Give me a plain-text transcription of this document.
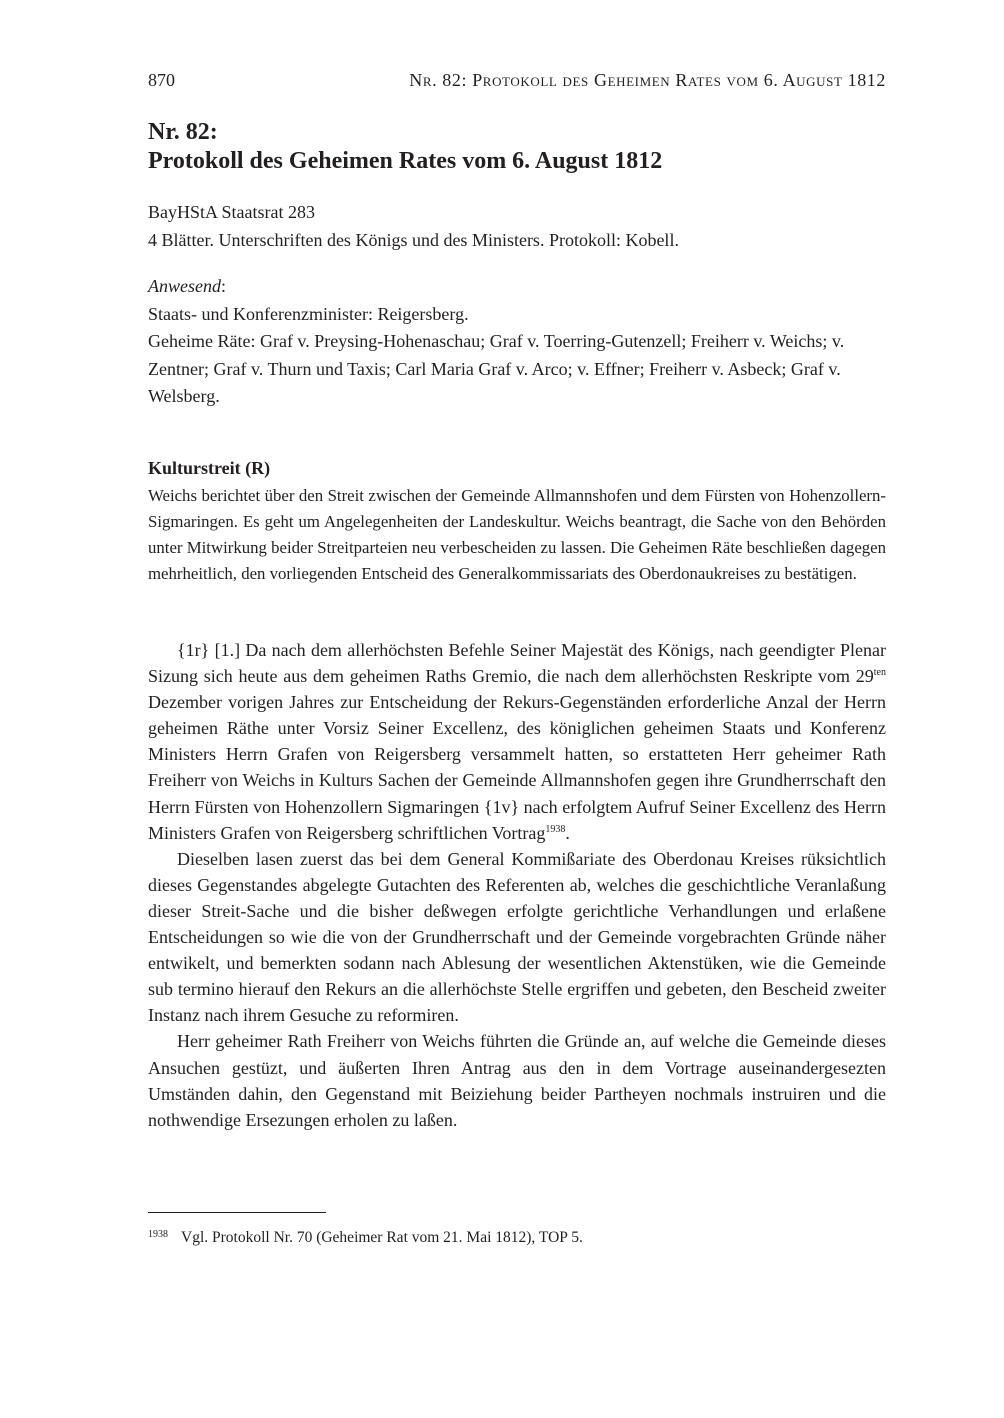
870	Nr. 82: Protokoll des Geheimen Rates vom 6. August 1812
Nr. 82:
Protokoll des Geheimen Rates vom 6. August 1812
BayHStA Staatsrat 283
4 Blätter. Unterschriften des Königs und des Ministers. Protokoll: Kobell.
Anwesend:
Staats- und Konferenzminister: Reigersberg.
Geheime Räte: Graf v. Preysing-Hohenaschau; Graf v. Toerring-Gutenzell; Freiherr v. Weichs; v. Zentner; Graf v. Thurn und Taxis; Carl Maria Graf v. Arco; v. Effner; Freiherr v. Asbeck; Graf v. Welsberg.
Kulturstreit (R)

Weichs berichtet über den Streit zwischen der Gemeinde Allmannshofen und dem Fürsten von Hohenzollern-Sigmaringen. Es geht um Angelegenheiten der Landeskultur. Weichs beantragt, die Sache von den Behörden unter Mitwirkung beider Streitparteien neu verbescheiden zu lassen. Die Geheimen Räte beschließen dagegen mehrheitlich, den vorliegenden Entscheid des Generalkommissariats des Oberdonaukreises zu bestätigen.

{1r} [1.] Da nach dem allerhöchsten Befehle Seiner Majestät des Königs, nach geendigter Plenar Sizung sich heute aus dem geheimen Raths Gremio, die nach dem allerhöchsten Reskripte vom $29^{ten}$ Dezember vorigen Jahres zur Entscheidung der Rekurs-Gegenständen erforderliche Anzal der Herrn geheimen Räthe unter Vorsiz Seiner Excellenz, des königlichen geheimen Staats und Konferenz Ministers Herrn Grafen von Reigersberg versammelt hatten, so erstatteten Herr geheimer Rath Freiherr von Weichs in Kulturs Sachen der Gemeinde Allmannshofen gegen ihre Grundherrschaft den Herrn Fürsten von Hohenzollern Sigmaringen {1v} nach erfolgtem Aufruf Seiner Excellenz des Herrn Ministers Grafen von Reigersberg schriftlichen Vortrag$^{1938}$.

Dieselben lasen zuerst das bei dem General Kommißariate des Oberdonau Kreises rüksichtlich dieses Gegenstandes abgelegte Gutachten des Referenten ab, welches die geschichtliche Veranlaßung dieser Streit-Sache und die bisher deßwegen erfolgte gerichtliche Verhandlungen und erlaßene Entscheidungen so wie die von der Grundherrschaft und der Gemeinde vorgebrachten Gründe näher entwikelt, und bemerkten sodann nach Ablesung der wesentlichen Aktenstüken, wie die Gemeinde sub termino hierauf den Rekurs an die allerhöchste Stelle ergriffen und gebeten, den Bescheid zweiter Instanz nach ihrem Gesuche zu reformiren.

Herr geheimer Rath Freiherr von Weichs führten die Gründe an, auf welche die Gemeinde dieses Ansuchen gestüzt, und äußerten Ihren Antrag aus den in dem Vortrage auseinandergesezten Umständen dahin, den Gegenstand mit Beiziehung beider Partheyen nochmals instruiren und die nothwendige Ersezungen erholen zu laßen.

1938 Vgl. Protokoll Nr. 70 (Geheimer Rat vom 21. Mai 1812), TOP 5.
